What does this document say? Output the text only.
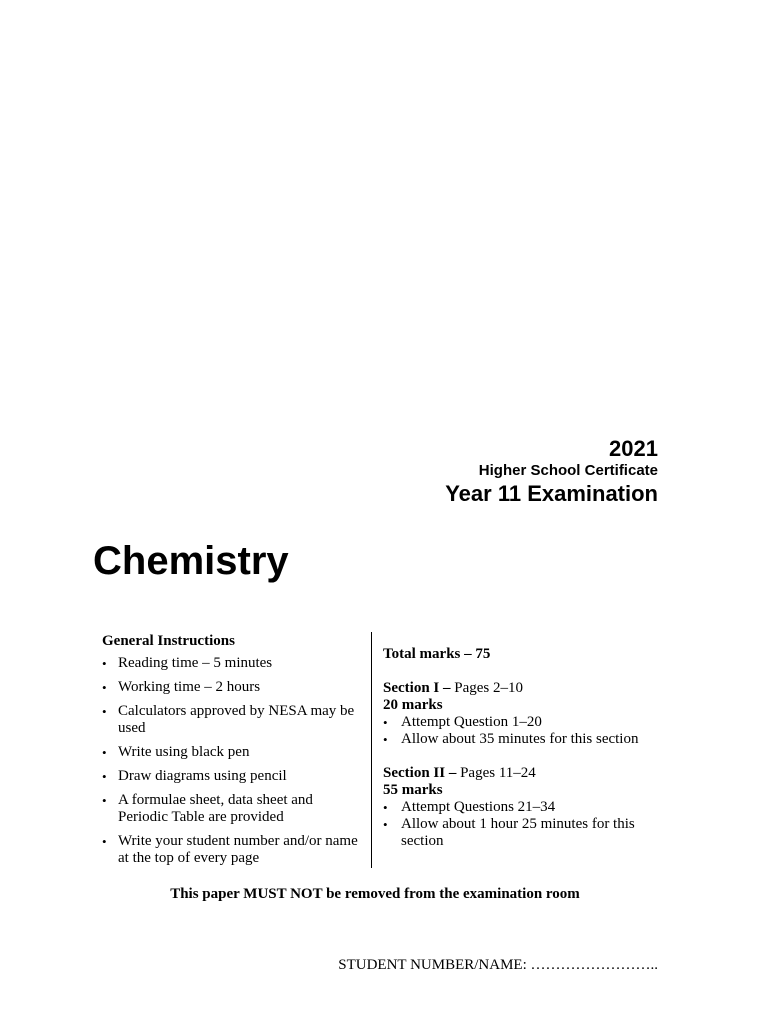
2021
Higher School Certificate
Year 11 Examination
Chemistry
General Instructions
• Reading time – 5 minutes
• Working time – 2 hours
• Calculators approved by NESA may be used
• Write using black pen
• Draw diagrams using pencil
• A formulae sheet, data sheet and Periodic Table are provided
• Write your student number and/or name at the top of every page
Total marks – 75
Section I – Pages 2–10
20 marks
• Attempt Question 1–20
• Allow about 35 minutes for this section
Section II – Pages 11–24
55 marks
• Attempt Questions 21–34
• Allow about 1 hour 25 minutes for this section
This paper MUST NOT be removed from the examination room
STUDENT NUMBER/NAME: ……………………..
